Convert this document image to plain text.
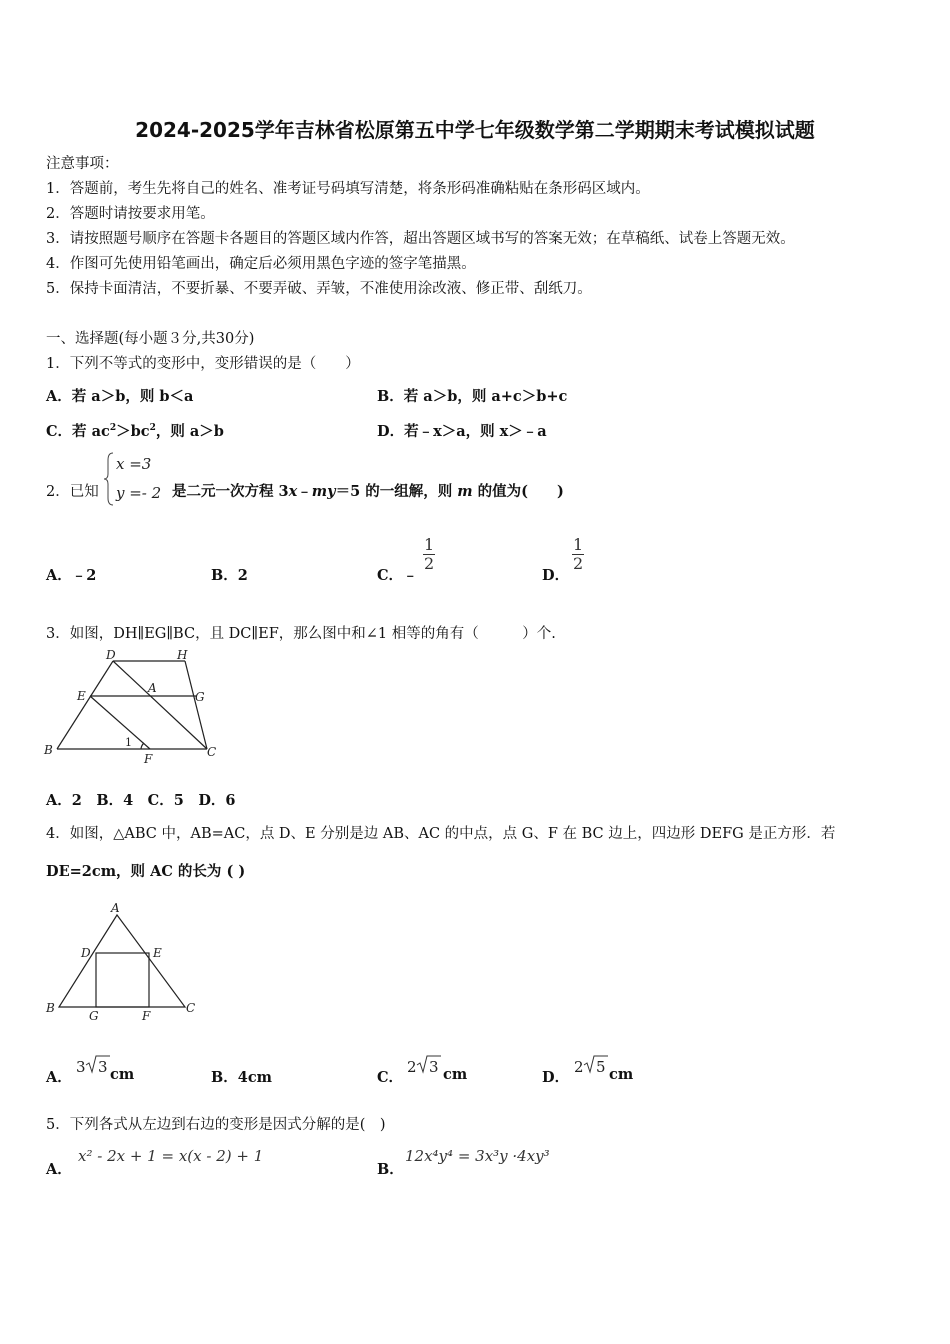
2024-2025学年吉林省松原第五中学七年级数学第二学期期末考试模拟试题
注意事项：
1．答题前，考生先将自己的姓名、准考证号码填写清楚，将条形码准确粘贴在条形码区域内。
2．答题时请按要求用笔。
3．请按照题号顺序在答题卡各题目的答题区域内作答，超出答题区域书写的答案无效；在草稿纸、试卷上答题无效。
4．作图可先使用铅笔画出，确定后必须用黑色字迹的签字笔描黑。
5．保持卡面清洁，不要折暴、不要弄破、弄皱，不准使用涂改液、修正带、刮纸刀。
一、选择题(每小题３分,共30分)
1．下列不等式的变形中，变形错误的是（　　）
A．若 a＞b，则 b＜a	B．若 a＞b，则 a+c＞b+c
C．若 $ac^2>bc^2$，则 a＞b	D．若﹣x＞a，则 x＞﹣a
2．已知
x =3
y =- 2 是二元一次方程 3x﹣my＝5 的一组解，则 m 的值为(　　)
A．﹣2	B．2	C．﹣
$\frac{1}{2}$
D．
$\frac{1}{2}$
3．如图，DH∥EG∥BC，且 DC∥EF，那么图中和∠1 相等的角有（　　　）个.
D	H
E
A
G
B
1
F	C
A．2　B．4　C．5　D．6
4．如图，△ABC 中，AB=AC，点 D、E 分别是边 AB、AC 的中点，点 G、F 在 BC 边上，四边形 DEFG 是正方形．若
DE=2cm，则 AC 的长为 ( )
A
D	E
B
G	F
C
A．
3 3 cm	B．4cm	C．
2 3 cm	D．
2 5 cm
5．下列各式从左边到右边的变形是因式分解的是(　)
A．
x² - 2x + 1 = x(x - 2) + 1
B．
12x⁴y⁴ = 3x³y ·4xy³
